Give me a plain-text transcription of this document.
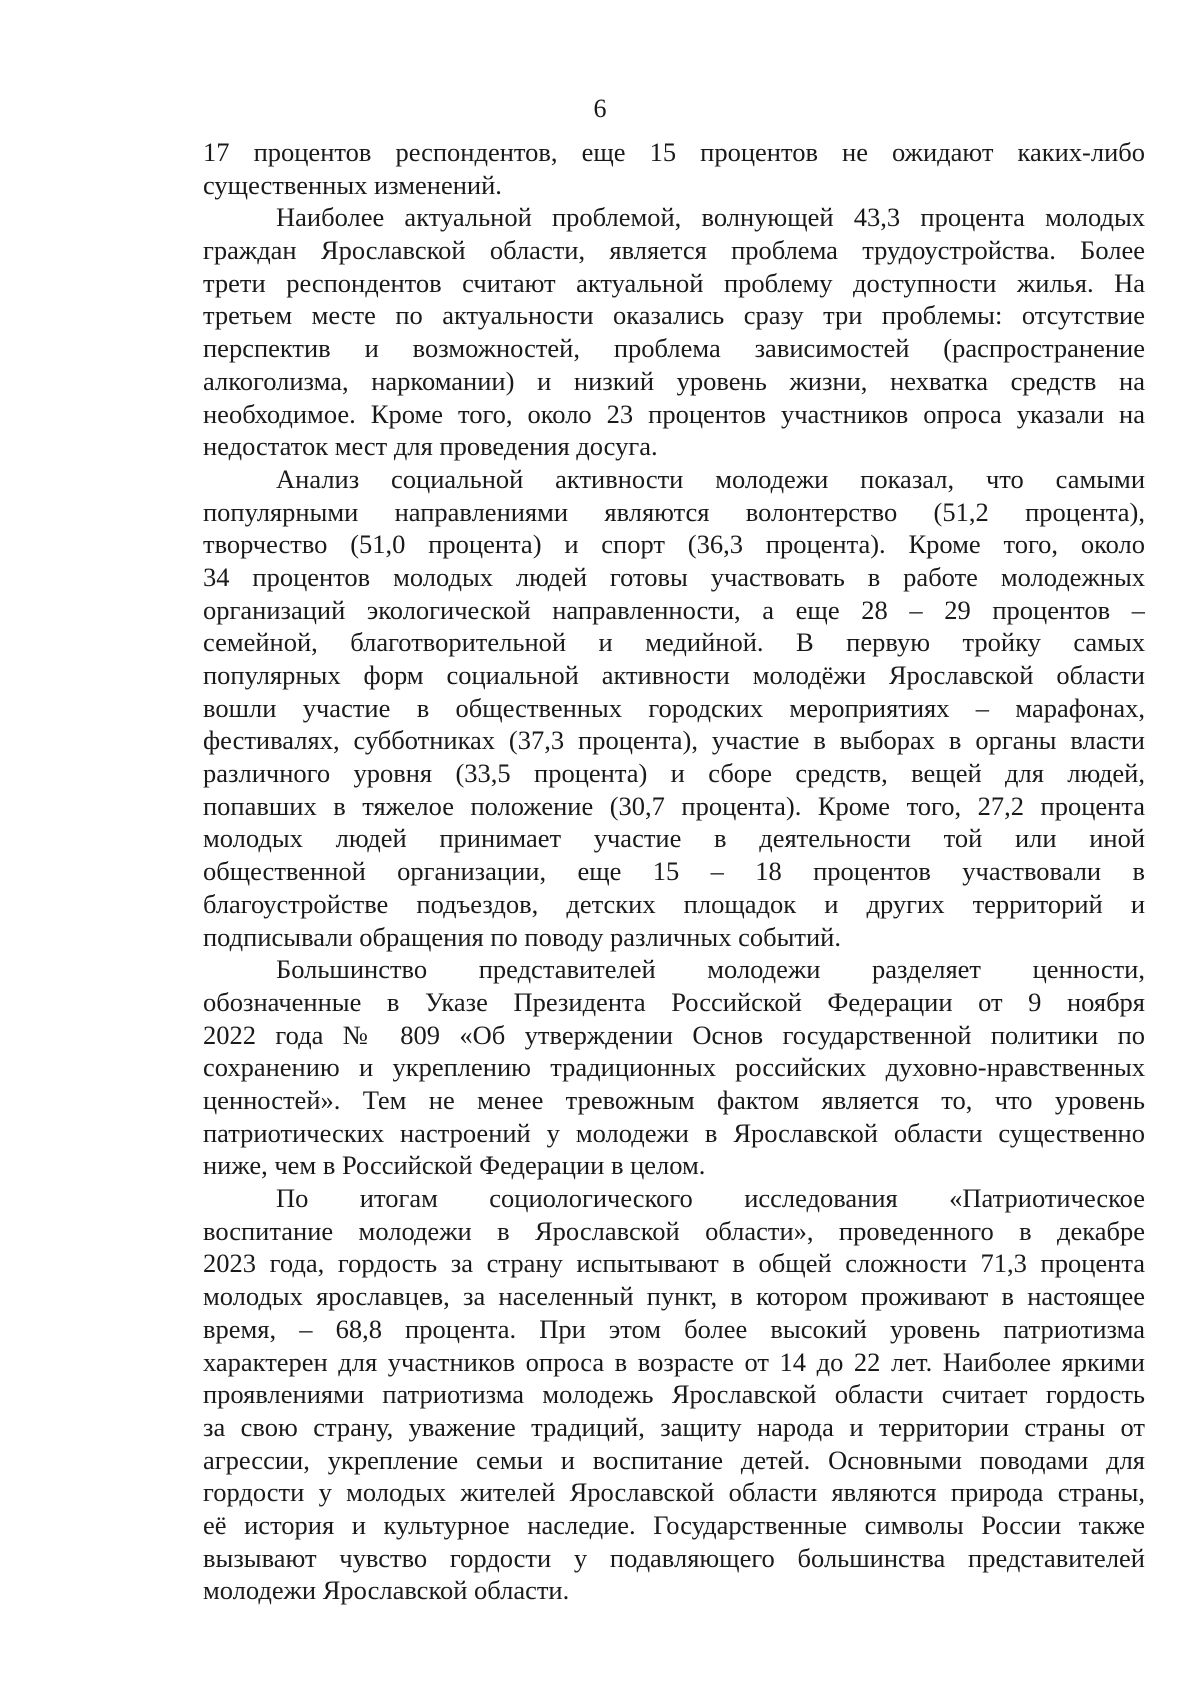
6
17 процентов респондентов, еще 15 процентов не ожидают каких-либо
существенных изменений.
Наиболее актуальной проблемой, волнующей 43,3 процента молодых
граждан Ярославской области, является проблема трудоустройства. Более
трети респондентов считают актуальной проблему доступности жилья. На
третьем месте по актуальности оказались сразу три проблемы: отсутствие
перспектив и возможностей, проблема зависимостей (распространение
алкоголизма, наркомании) и низкий уровень жизни, нехватка средств на
необходимое. Кроме того, около 23 процентов участников опроса указали на
недостаток мест для проведения досуга.
Анализ социальной активности молодежи показал, что самыми
популярными направлениями являются волонтерство (51,2 процента),
творчество (51,0 процента) и спорт (36,3 процента). Кроме того, около
34 процентов молодых людей готовы участвовать в работе молодежных
организаций экологической направленности, а еще 28 – 29 процентов –
семейной, благотворительной и медийной. В первую тройку самых
популярных форм социальной активности молодёжи Ярославской области
вошли участие в общественных городских мероприятиях – марафонах,
фестивалях, субботниках (37,3 процента), участие в выборах в органы власти
различного уровня (33,5 процента) и сборе средств, вещей для людей,
попавших в тяжелое положение (30,7 процента). Кроме того, 27,2 процента
молодых людей принимает участие в деятельности той или иной
общественной организации, еще 15 – 18 процентов участвовали в
благоустройстве подъездов, детских площадок и других территорий и
подписывали обращения по поводу различных событий.
Большинство представителей молодежи разделяет ценности,
обозначенные в Указе Президента Российской Федерации от 9 ноября
2022 года № 809 «Об утверждении Основ государственной политики по
сохранению и укреплению традиционных российских духовно-нравственных
ценностей». Тем не менее тревожным фактом является то, что уровень
патриотических настроений у молодежи в Ярославской области существенно
ниже, чем в Российской Федерации в целом.
По итогам социологического исследования «Патриотическое
воспитание молодежи в Ярославской области», проведенного в декабре
2023 года, гордость за страну испытывают в общей сложности 71,3 процента
молодых ярославцев, за населенный пункт, в котором проживают в настоящее
время, – 68,8 процента. При этом более высокий уровень патриотизма
характерен для участников опроса в возрасте от 14 до 22 лет. Наиболее яркими
проявлениями патриотизма молодежь Ярославской области считает гордость
за свою страну, уважение традиций, защиту народа и территории страны от
агрессии, укрепление семьи и воспитание детей. Основными поводами для
гордости у молодых жителей Ярославской области являются природа страны,
её история и культурное наследие. Государственные символы России также
вызывают чувство гордости у подавляющего большинства представителей
молодежи Ярославской области.
